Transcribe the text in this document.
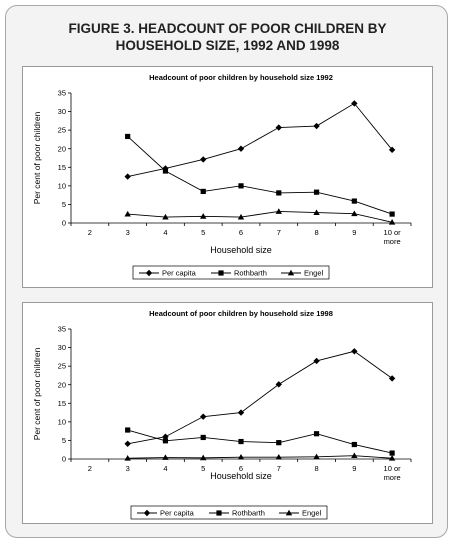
FIGURE 3. HEADCOUNT OF POOR CHILDREN BY
HOUSEHOLD SIZE, 1992 AND 1998
Headcount of poor children by household size 1992
0
5
10
15
20
25
30
35
2	3	4	5	6	7	8	9	10 or more
Household size
Per cent of poor children
Per capita	Rothbarth	Engel
Headcount of poor children by household size 1998
0
5
10
15
20
25
30
35
2	3	4	5	6	7	8	9	10 or more
Household size
Per cent of poor children
Per capita	Rothbarth	Engel
